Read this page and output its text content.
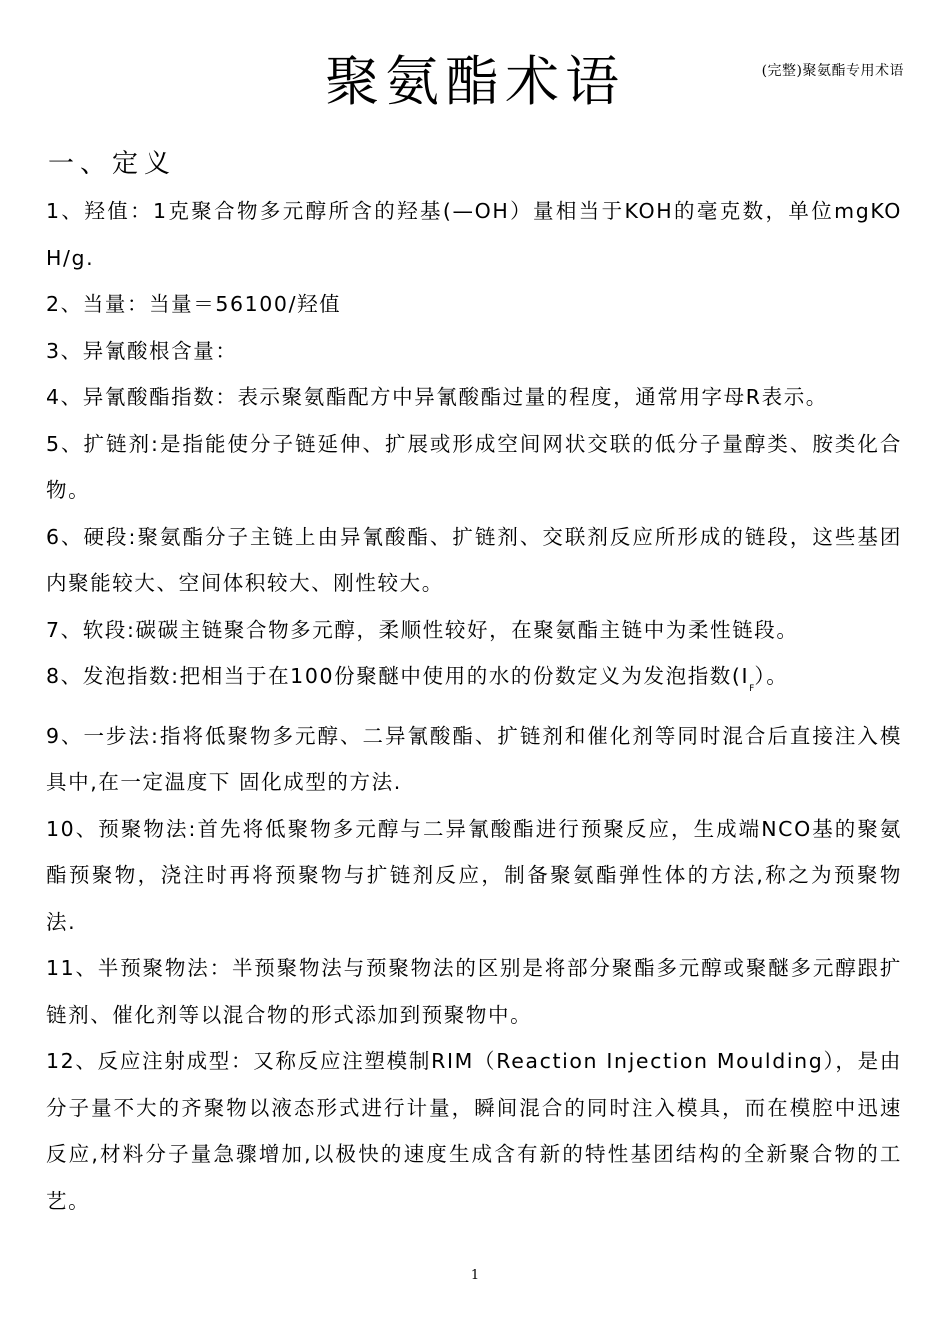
(完整)聚氨酯专用术语
聚氨酯术语
一、定义

1、羟值：1克聚合物多元醇所含的羟基(—OH）量相当于KOH的毫克数，单位mgKOH/g.

2、当量：当量＝56100/羟值

3、异氰酸根含量：

4、异氰酸酯指数：表示聚氨酯配方中异氰酸酯过量的程度，通常用字母R表示。

5、扩链剂:是指能使分子链延伸、扩展或形成空间网状交联的低分子量醇类、胺类化合物。

6、硬段:聚氨酯分子主链上由异氰酸酯、扩链剂、交联剂反应所形成的链段，这些基团内聚能较大、空间体积较大、刚性较大。

7、软段:碳碳主链聚合物多元醇，柔顺性较好，在聚氨酯主链中为柔性链段。

8、发泡指数:把相当于在100份聚醚中使用的水的份数定义为发泡指数$(I_F)$。

9、一步法:指将低聚物多元醇、二异氰酸酯、扩链剂和催化剂等同时混合后直接注入模具中,在一定温度下 固化成型的方法.

10、预聚物法:首先将低聚物多元醇与二异氰酸酯进行预聚反应，生成端NCO基的聚氨酯预聚物，浇注时再将预聚物与扩链剂反应，制备聚氨酯弹性体的方法,称之为预聚物法.

11、半预聚物法：半预聚物法与预聚物法的区别是将部分聚酯多元醇或聚醚多元醇跟扩链剂、催化剂等以混合物的形式添加到预聚物中。

12、反应注射成型：又称反应注塑模制RIM（Reaction Injection Moulding），是由分子量不大的齐聚物以液态形式进行计量，瞬间混合的同时注入模具，而在模腔中迅速反应,材料分子量急骤增加,以极快的速度生成含有新的特性基团结构的全新聚合物的工艺。

1
